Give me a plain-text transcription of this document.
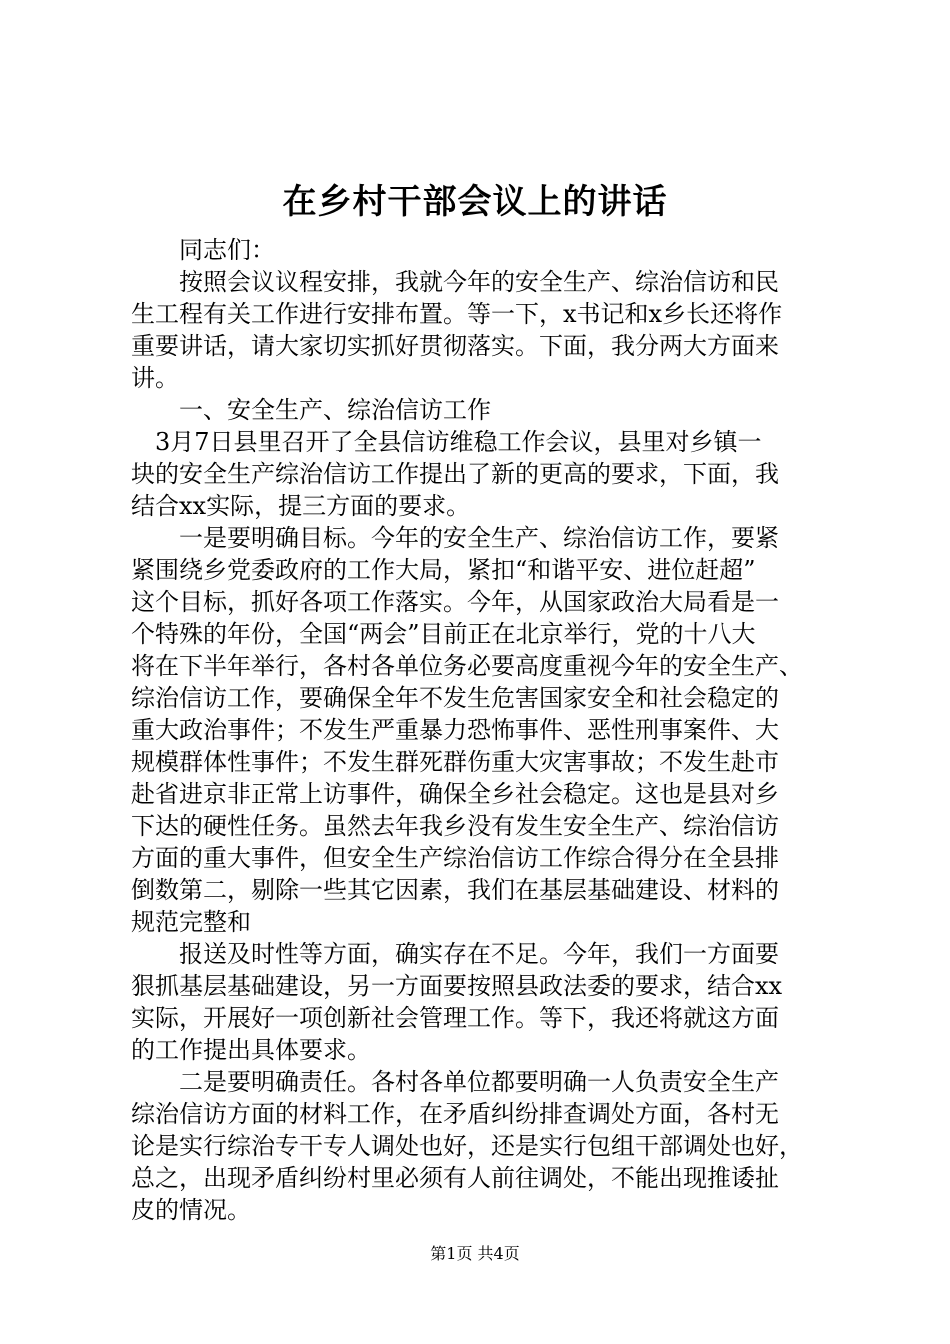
在乡村干部会议上的讲话
　　同志们：
　　按照会议议程安排，我就今年的安全生产、综治信访和民
生工程有关工作进行安排布置。等一下，x书记和x乡长还将作
重要讲话，请大家切实抓好贯彻落实。下面，我分两大方面来
讲。
　　一、安全生产、综治信访工作
　3月7日县里召开了全县信访维稳工作会议，县里对乡镇一
块的安全生产综治信访工作提出了新的更高的要求，下面，我
结合xx实际，提三方面的要求。
　　一是要明确目标。今年的安全生产、综治信访工作，要紧
紧围绕乡党委政府的工作大局，紧扣“和谐平安、进位赶超”
这个目标，抓好各项工作落实。今年，从国家政治大局看是一
个特殊的年份，全国“两会”目前正在北京举行，党的十八大
将在下半年举行，各村各单位务必要高度重视今年的安全生产、
综治信访工作，要确保全年不发生危害国家安全和社会稳定的
重大政治事件；不发生严重暴力恐怖事件、恶性刑事案件、大
规模群体性事件；不发生群死群伤重大灾害事故；不发生赴市
赴省进京非正常上访事件，确保全乡社会稳定。这也是县对乡
下达的硬性任务。虽然去年我乡没有发生安全生产、综治信访
方面的重大事件，但安全生产综治信访工作综合得分在全县排
倒数第二，剔除一些其它因素，我们在基层基础建设、材料的
规范完整和
　　报送及时性等方面，确实存在不足。今年，我们一方面要
狠抓基层基础建设，另一方面要按照县政法委的要求，结合xx
实际，开展好一项创新社会管理工作。等下，我还将就这方面
的工作提出具体要求。
　　二是要明确责任。各村各单位都要明确一人负责安全生产
综治信访方面的材料工作，在矛盾纠纷排查调处方面，各村无
论是实行综治专干专人调处也好，还是实行包组干部调处也好，
总之，出现矛盾纠纷村里必须有人前往调处，不能出现推诿扯
皮的情况。
第1页 共4页
